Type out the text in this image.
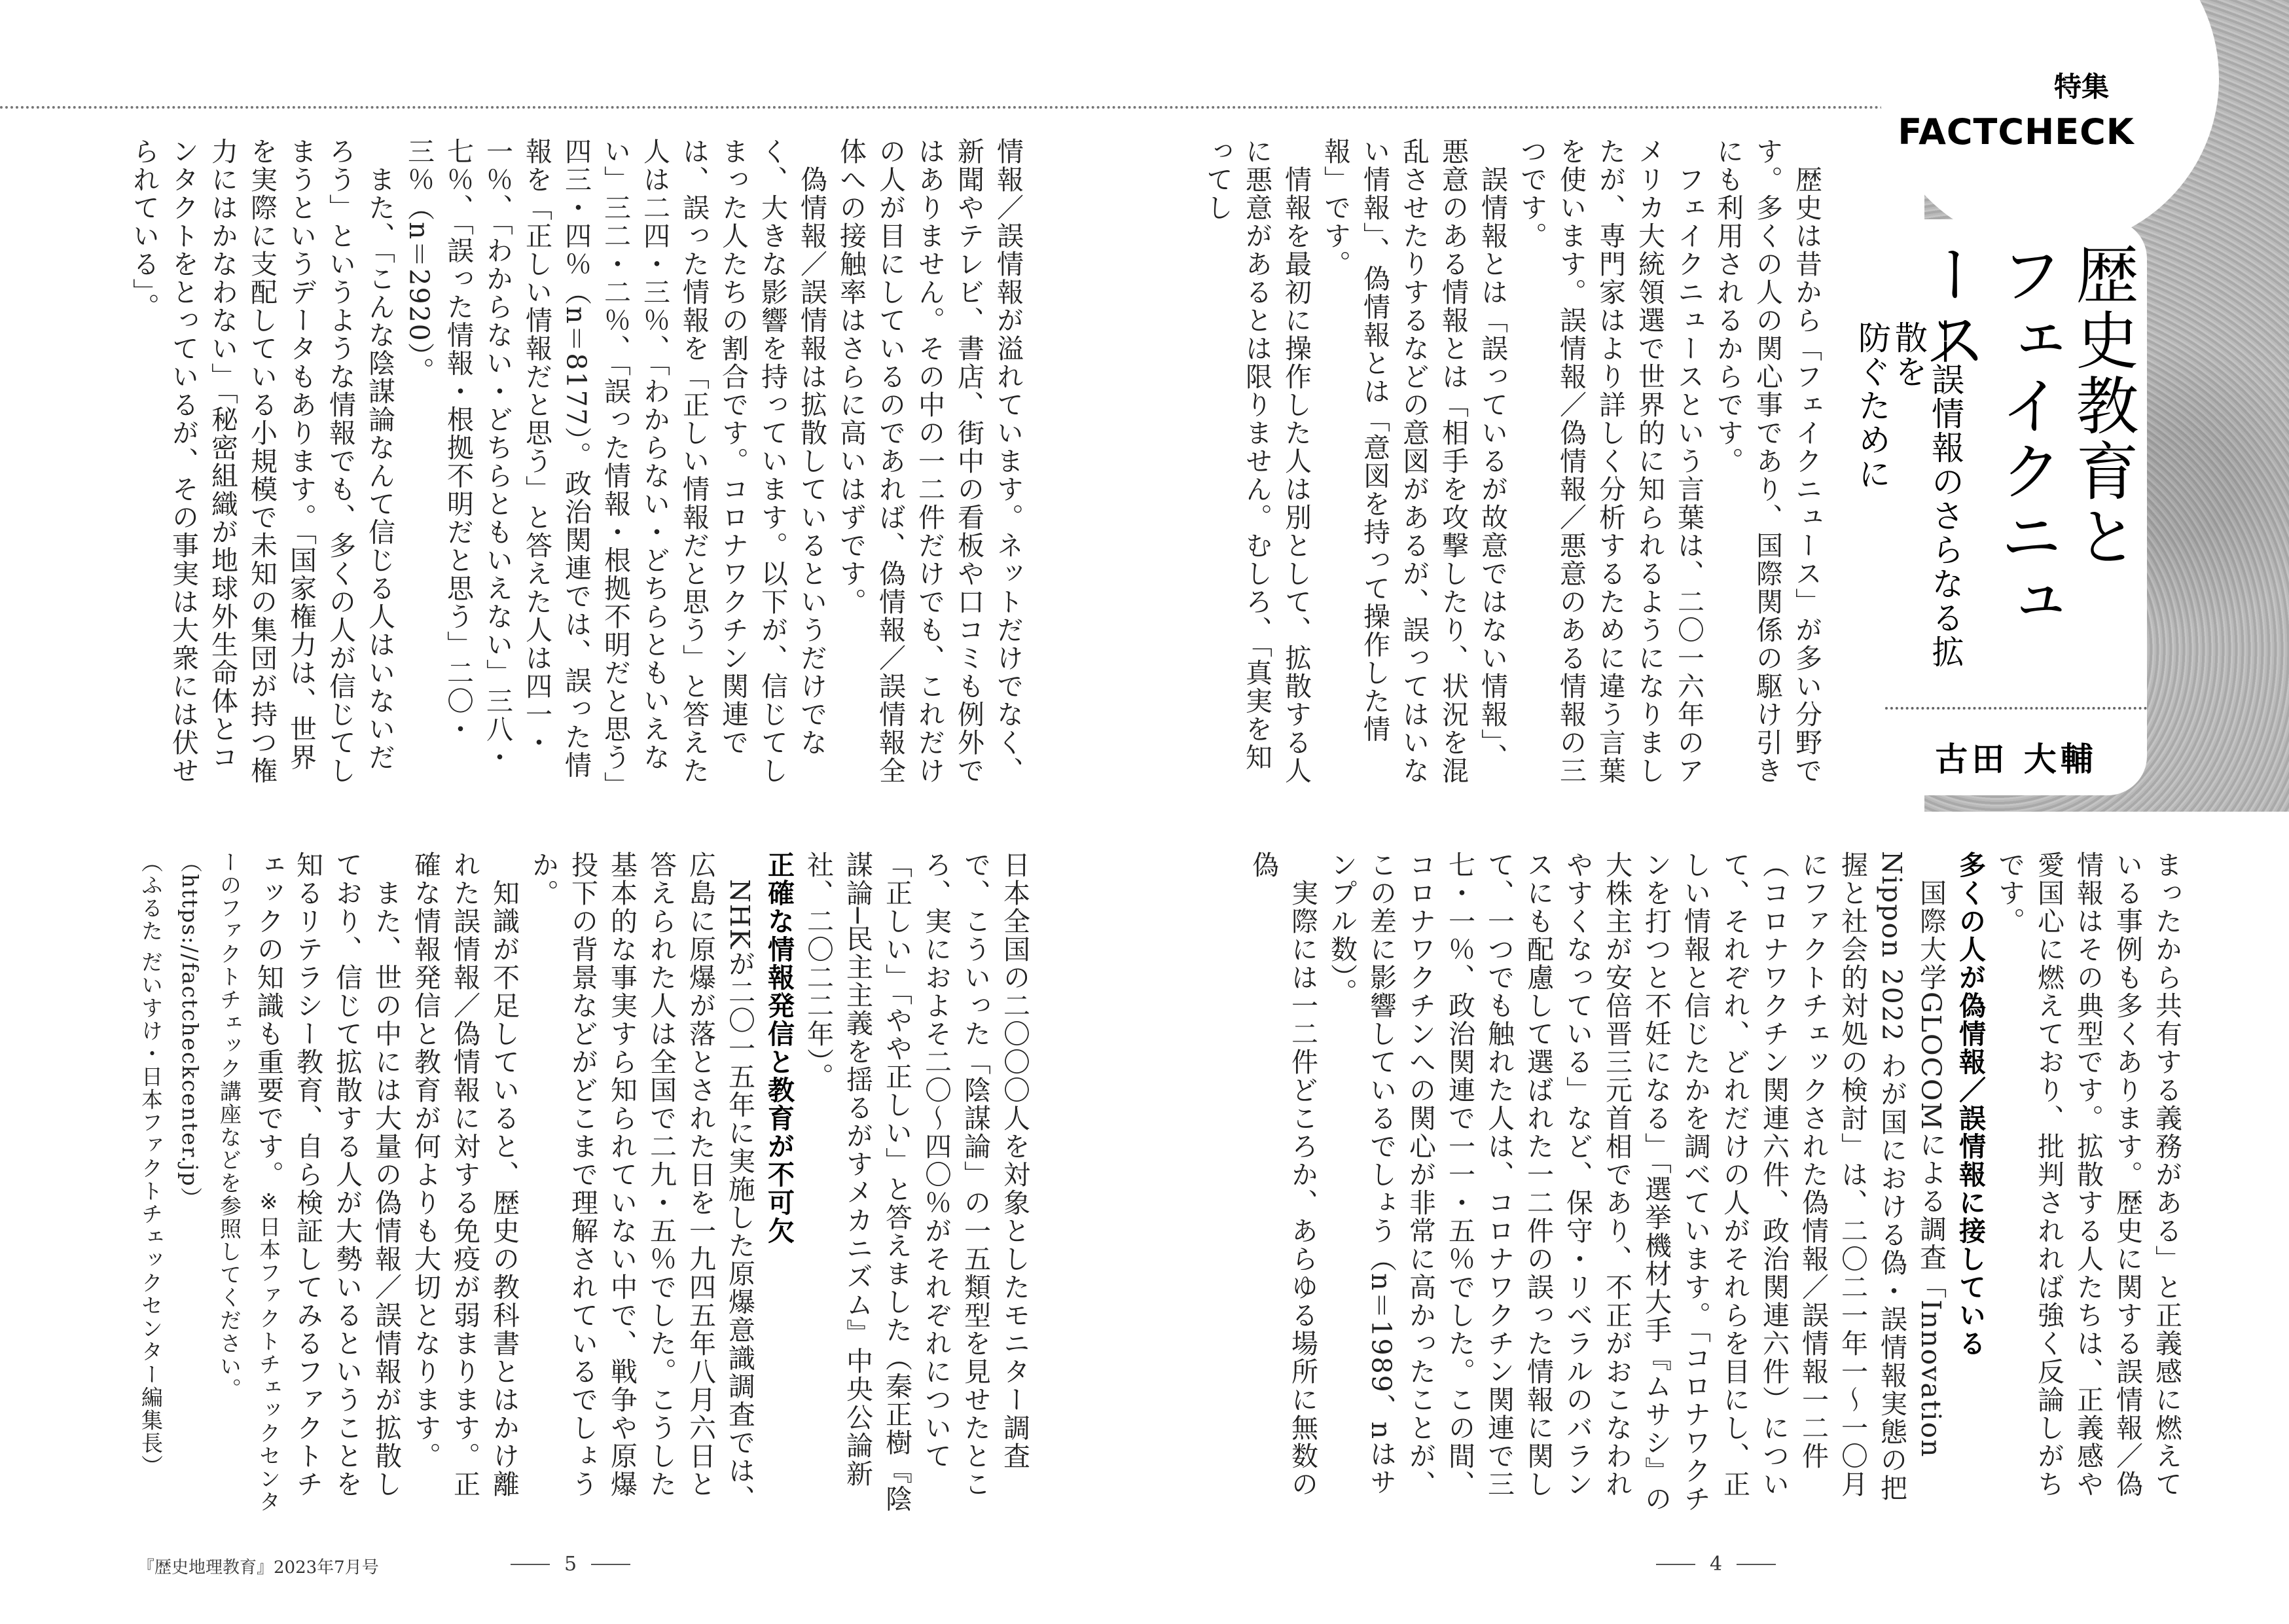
特集
FACTCHECK
歴史教育と
フェイクニュース
──誤情報のさらなる拡散を
防ぐために
古田 大輔
　歴史は昔から「フェイクニュース」が多い分野です。多くの人の関心事であり、国際関係の駆け引きにも利用されるからです。
　フェイクニュースという言葉は、二〇一六年のアメリカ大統領選で世界的に知られるようになりましたが、専門家はより詳しく分析するために違う言葉を使います。誤情報／偽情報／悪意のある情報の三つです。
　誤情報とは「誤っているが故意ではない情報」、悪意のある情報とは「相手を攻撃したり、状況を混乱させたりするなどの意図があるが、誤ってはいない情報」、偽情報とは「意図を持って操作した情報」です。
　情報を最初に操作した人は別として、拡散する人に悪意があるとは限りません。むしろ、「真実を知ってし
まったから共有する義務がある」と正義感に燃えている事例も多くあります。歴史に関する誤情報／偽情報はその典型です。拡散する人たちは、正義感や愛国心に燃えており、批判されれば強く反論しがちです。
多くの人が偽情報／誤情報に接している
　国際大学GLOCOMによる調査「Innovation Nippon 2022 わが国における偽・誤情報実態の把握と社会的対処の検討」は、二〇二一年一〜一〇月にファクトチェックされた偽情報／誤情報一二件（コロナワクチン関連六件、政治関連六件）について、それぞれ、どれだけの人がそれらを目にし、正しい情報と信じたかを調べています。「コロナワクチンを打つと不妊になる」「選挙機材大手『ムサシ』の大株主が安倍晋三元首相であり、不正がおこなわれやすくなっている」など、保守・リベラルのバランスにも配慮して選ばれた一二件の誤った情報に関して、一つでも触れた人は、コロナワクチン関連で三七・一％、政治関連で一一・五％でした。この間、コロナワクチンへの関心が非常に高かったことが、この差に影響しているでしょう（n＝1989、nはサンプル数）。
　実際には一二件どころか、あらゆる場所に無数の偽
情報／誤情報が溢れています。ネットだけでなく、新聞やテレビ、書店、街中の看板や口コミも例外ではありません。その中の一二件だけでも、これだけの人が目にしているのであれば、偽情報／誤情報全体への接触率はさらに高いはずです。
　偽情報／誤情報は拡散しているというだけでなく、大きな影響を持っています。以下が、信じてしまった人たちの割合です。コロナワクチン関連では、誤った情報を「正しい情報だと思う」と答えた人は二四・三％、「わからない・どちらともいえない」三二・二％、「誤った情報・根拠不明だと思う」四三・四％（n＝8177）。政治関連では、誤った情報を「正しい情報だと思う」と答えた人は四一・一％、「わからない・どちらともいえない」三八・七％、「誤った情報・根拠不明だと思う」二〇・三％（n＝2920）。
　また、「こんな陰謀論なんて信じる人はいないだろう」というような情報でも、多くの人が信じてしまうというデータもあります。「国家権力は、世界を実際に支配している小規模で未知の集団が持つ権力にはかなわない」「秘密組織が地球外生命体とコンタクトをとっているが、その事実は大衆には伏せられている」。
日本全国の二〇〇〇人を対象としたモニター調査で、こういった「陰謀論」の一五類型を見せたところ、実におよそ二〇〜四〇％がそれぞれについて「正しい」「やや正しい」と答えました（秦正樹『陰謀論─民主主義を揺るがすメカニズム』中央公論新社、二〇二二年）。
正確な情報発信と教育が不可欠
　NHKが二〇一五年に実施した原爆意識調査では、広島に原爆が落とされた日を一九四五年八月六日と答えられた人は全国で二九・五％でした。こうした基本的な事実すら知られていない中で、戦争や原爆投下の背景などがどこまで理解されているでしょうか。
　知識が不足していると、歴史の教科書とはかけ離れた誤情報／偽情報に対する免疫が弱まります。正確な情報発信と教育が何よりも大切となります。
　また、世の中には大量の偽情報／誤情報が拡散しており、信じて拡散する人が大勢いるということを知るリテラシー教育、自ら検証してみるファクトチェックの知識も重要です。※日本ファクトチェックセンターのファクトチェック講座などを参照してください。（https://factcheckcenter.jp）
（ふるた だいすけ・日本ファクトチェックセンター編集長）
4
5
『歴史地理教育』2023年7月号
